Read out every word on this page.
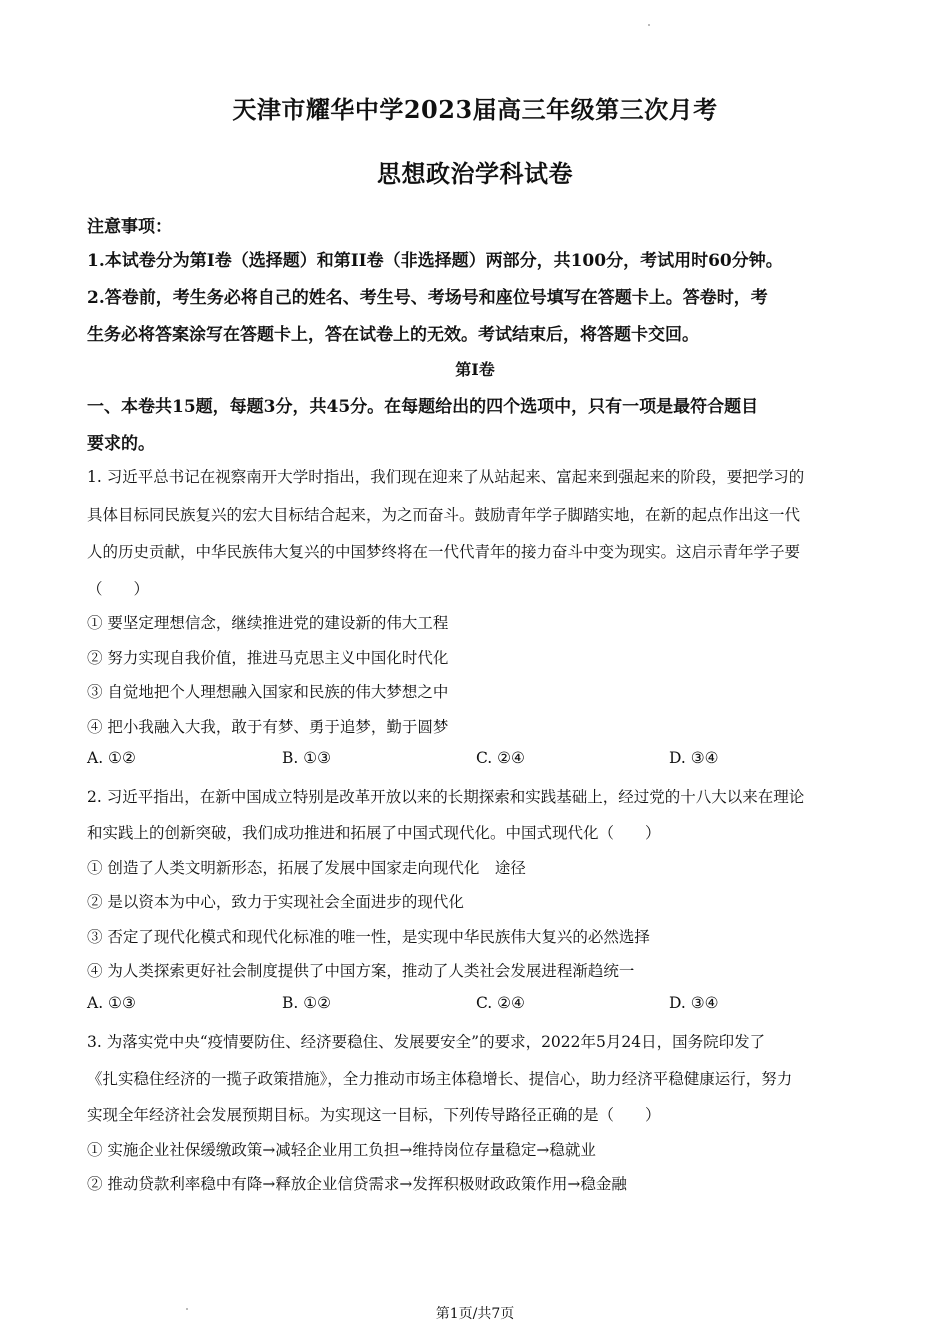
天津市耀华中学2023届高三年级第三次月考
思想政治学科试卷
注意事项：
1.本试卷分为第Ⅰ卷（选择题）和第II卷（非选择题）两部分，共100分，考试用时60分钟。
2.答卷前，考生务必将自己的姓名、考生号、考场号和座位号填写在答题卡上。答卷时，考
生务必将答案涂写在答题卡上，答在试卷上的无效。考试结束后，将答题卡交回。
第Ⅰ卷
一、本卷共15题，每题3分，共45分。在每题给出的四个选项中，只有一项是最符合题目
要求的。
1. 习近平总书记在视察南开大学时指出，我们现在迎来了从站起来、富起来到强起来的阶段，要把学习的
具体目标同民族复兴的宏大目标结合起来，为之而奋斗。鼓励青年学子脚踏实地，在新的起点作出这一代
人的历史贡献，中华民族伟大复兴的中国梦终将在一代代青年的接力奋斗中变为现实。这启示青年学子要
（　　）
① 要坚定理想信念，继续推进党的建设新的伟大工程
② 努力实现自我价值，推进马克思主义中国化时代化
③ 自觉地把个人理想融入国家和民族的伟大梦想之中
④ 把小我融入大我，敢于有梦、勇于追梦，勤于圆梦
A. ①②	B. ①③	C. ②④	D. ③④
2. 习近平指出，在新中国成立特别是改革开放以来的长期探索和实践基础上，经过党的十八大以来在理论
和实践上的创新突破，我们成功推进和拓展了中国式现代化。中国式现代化（　　）
① 创造了人类文明新形态，拓展了发展中国家走向现代化　途径
② 是以资本为中心，致力于实现社会全面进步的现代化
③ 否定了现代化模式和现代化标准的唯一性，是实现中华民族伟大复兴的必然选择
④ 为人类探索更好社会制度提供了中国方案，推动了人类社会发展进程渐趋统一
A. ①③	B. ①②	C. ②④	D. ③④
3. 为落实党中央“疫情要防住、经济要稳住、发展要安全”的要求，2022年5月24日，国务院印发了
《扎实稳住经济的一揽子政策措施》，全力推动市场主体稳增长、提信心，助力经济平稳健康运行，努力
实现全年经济社会发展预期目标。为实现这一目标，下列传导路径正确的是（　　）
① 实施企业社保缓缴政策→减轻企业用工负担→维持岗位存量稳定→稳就业
② 推动贷款利率稳中有降→释放企业信贷需求→发挥积极财政政策作用→稳金融
第1页/共7页
